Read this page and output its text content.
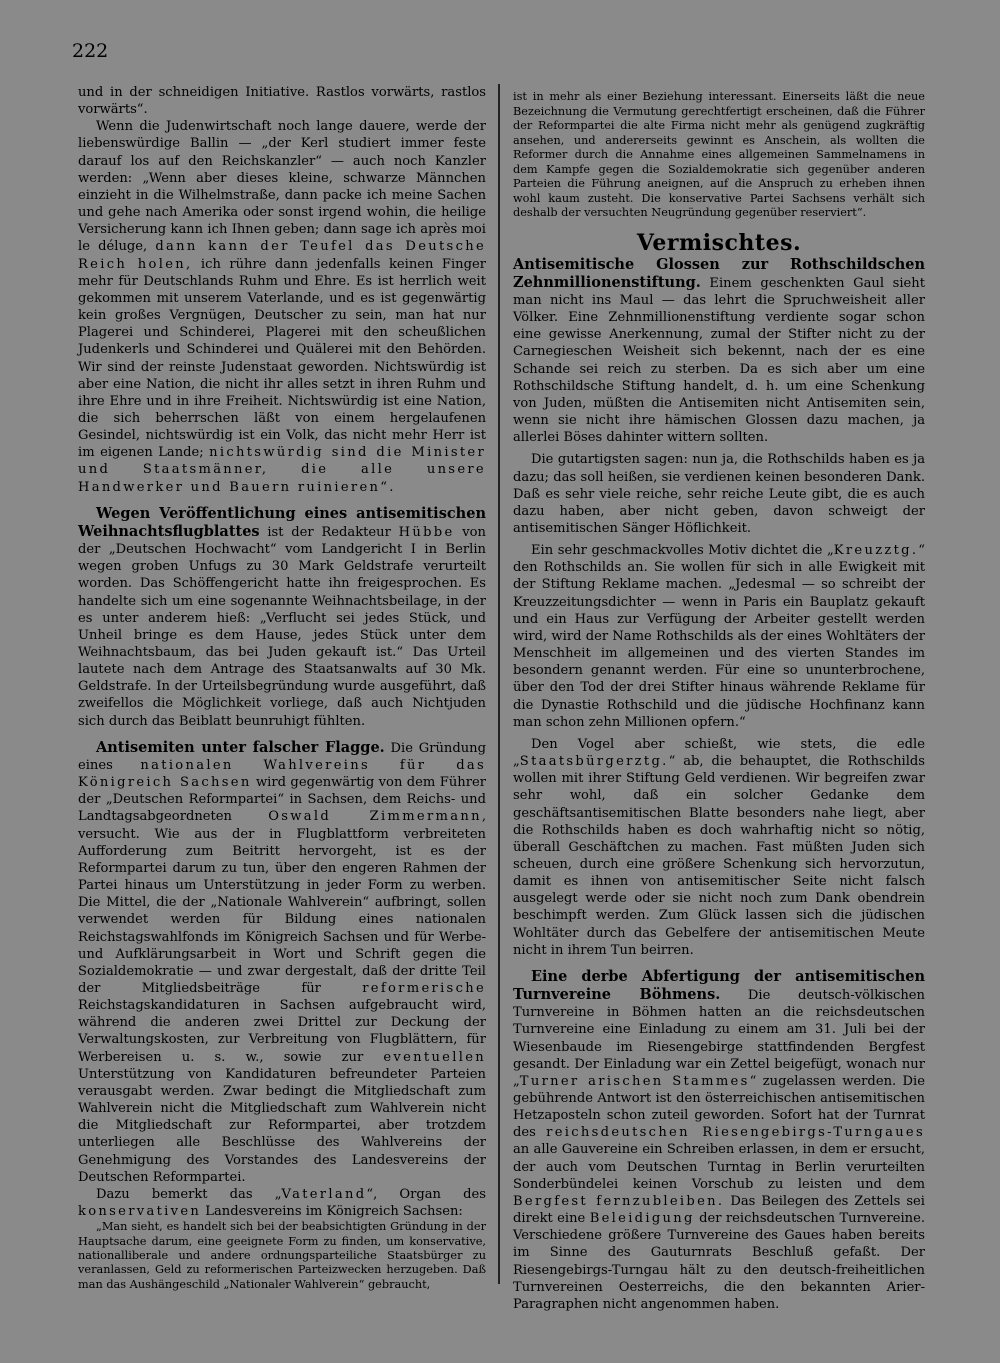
222

und in der schneidigen Initiative. Rastlos vorwärts, rastlos vorwärts“.

Wenn die Judenwirtschaft noch lange dauere, werde der liebenswürdige Ballin — „der Kerl studiert immer feste darauf los auf den Reichskanzler“ — auch noch Kanzler werden: „Wenn aber dieses kleine, schwarze Männchen einzieht in die Wilhelmstraße, dann packe ich meine Sachen und gehe nach Amerika oder sonst irgend wohin, die heilige Versicherung kann ich Ihnen geben; dann sage ich après moi le déluge, dann kann der Teufel das Deutsche Reich holen, ich rühre dann jedenfalls keinen Finger mehr für Deutschlands Ruhm und Ehre. Es ist herrlich weit gekommen mit unserem Vaterlande, und es ist gegenwärtig kein großes Vergnügen, Deutscher zu sein, man hat nur Plagerei und Schinderei, Plagerei mit den scheußlichen Judenkerls und Schinderei und Quälerei mit den Behörden. Wir sind der reinste Judenstaat geworden. Nichtswürdig ist aber eine Nation, die nicht ihr alles setzt in ihren Ruhm und ihre Ehre und in ihre Freiheit. Nichtswürdig ist eine Nation, die sich beherrschen läßt von einem hergelaufenen Gesindel, nichtswürdig ist ein Volk, das nicht mehr Herr ist im eigenen Lande; nichtswürdig sind die Minister und Staatsmänner, die alle unsere Handwerker und Bauern ruinieren“.

Wegen Veröffentlichung eines antisemitischen Weihnachtsflugblattes ist der Redakteur Hübbe von der „Deutschen Hochwacht“ vom Landgericht I in Berlin wegen groben Unfugs zu 30 Mark Geldstrafe verurteilt worden. Das Schöffengericht hatte ihn freigesprochen. Es handelte sich um eine sogenannte Weihnachtsbeilage, in der es unter anderem hieß: „Verflucht sei jedes Stück, und Unheil bringe es dem Hause, jedes Stück unter dem Weihnachtsbaum, das bei Juden gekauft ist.“ Das Urteil lautete nach dem Antrage des Staatsanwalts auf 30 Mk. Geldstrafe. In der Urteilsbegründung wurde ausgeführt, daß zweifellos die Möglichkeit vorliege, daß auch Nichtjuden sich durch das Beiblatt beunruhigt fühlten.

Antisemiten unter falscher Flagge. Die Gründung eines nationalen Wahlvereins für das Königreich Sachsen wird gegenwärtig von dem Führer der „Deutschen Reformpartei“ in Sachsen, dem Reichs- und Landtagsabgeordneten Oswald Zimmermann, versucht. Wie aus der in Flugblattform verbreiteten Aufforderung zum Beitritt hervorgeht, ist es der Reformpartei darum zu tun, über den engeren Rahmen der Partei hinaus um Unterstützung in jeder Form zu werben. Die Mittel, die der „Nationale Wahlverein“ aufbringt, sollen verwendet werden für Bildung eines nationalen Reichstagswahlfonds im Königreich Sachsen und für Werbe- und Aufklärungsarbeit in Wort und Schrift gegen die Sozialdemokratie — und zwar dergestalt, daß der dritte Teil der Mitgliedsbeiträge für reformerische Reichstagskandidaturen in Sachsen aufgebraucht wird, während die anderen zwei Drittel zur Deckung der Verwaltungskosten, zur Verbreitung von Flugblättern, für Werbereisen u. s. w., sowie zur eventuellen Unterstützung von Kandidaturen befreundeter Parteien verausgabt werden. Zwar bedingt die Mitgliedschaft zum Wahlverein nicht die Mitgliedschaft zum Wahlverein nicht die Mitgliedschaft zur Reformpartei, aber trotzdem unterliegen alle Beschlüsse des Wahlvereins der Genehmigung des Vorstandes des Landesvereins der Deutschen Reformpartei.

Dazu bemerkt das „Vaterland“, Organ des konservativen Landesvereins im Königreich Sachsen:

„Man sieht, es handelt sich bei der beabsichtigten Gründung in der Hauptsache darum, eine geeignete Form zu finden, um konservative, nationalliberale und andere ordnungsparteiliche Staatsbürger zu veranlassen, Geld zu reformerischen Parteizwecken herzugeben. Daß man das Aushängeschild „Nationaler Wahlverein“ gebraucht,

ist in mehr als einer Beziehung interessant. Einerseits läßt die neue Bezeichnung die Vermutung gerechtfertigt erscheinen, daß die Führer der Reformpartei die alte Firma nicht mehr als genügend zugkräftig ansehen, und andererseits gewinnt es Anschein, als wollten die Reformer durch die Annahme eines allgemeinen Sammelnamens in dem Kampfe gegen die Sozialdemokratie sich gegenüber anderen Parteien die Führung aneignen, auf die Anspruch zu erheben ihnen wohl kaum zusteht. Die konservative Partei Sachsens verhält sich deshalb der versuchten Neugründung gegenüber reserviert“.

Vermischtes.

Antisemitische Glossen zur Rothschildschen Zehnmillionenstiftung. Einem geschenkten Gaul sieht man nicht ins Maul — das lehrt die Spruchweisheit aller Völker. Eine Zehnmillionenstiftung verdiente sogar schon eine gewisse Anerkennung, zumal der Stifter nicht zu der Carnegieschen Weisheit sich bekennt, nach der es eine Schande sei reich zu sterben. Da es sich aber um eine Rothschildsche Stiftung handelt, d. h. um eine Schenkung von Juden, müßten die Antisemiten nicht Antisemiten sein, wenn sie nicht ihre hämischen Glossen dazu machen, ja allerlei Böses dahinter wittern sollten.

Die gutartigsten sagen: nun ja, die Rothschilds haben es ja dazu; das soll heißen, sie verdienen keinen besonderen Dank. Daß es sehr viele reiche, sehr reiche Leute gibt, die es auch dazu haben, aber nicht geben, davon schweigt der antisemitischen Sänger Höflichkeit.

Ein sehr geschmackvolles Motiv dichtet die „Kreuzztg.“ den Rothschilds an. Sie wollen für sich in alle Ewigkeit mit der Stiftung Reklame machen. „Jedesmal — so schreibt der Kreuzzeitungsdichter — wenn in Paris ein Bauplatz gekauft und ein Haus zur Verfügung der Arbeiter gestellt werden wird, wird der Name Rothschilds als der eines Wohltäters der Menschheit im allgemeinen und des vierten Standes im besondern genannt werden. Für eine so ununterbrochene, über den Tod der drei Stifter hinaus währende Reklame für die Dynastie Rothschild und die jüdische Hochfinanz kann man schon zehn Millionen opfern.“

Den Vogel aber schießt, wie stets, die edle „Staatsbürgerztg.“ ab, die behauptet, die Rothschilds wollen mit ihrer Stiftung Geld verdienen. Wir begreifen zwar sehr wohl, daß ein solcher Gedanke dem geschäftsantisemitischen Blatte besonders nahe liegt, aber die Rothschilds haben es doch wahrhaftig nicht so nötig, überall Geschäftchen zu machen. Fast müßten Juden sich scheuen, durch eine größere Schenkung sich hervorzutun, damit es ihnen von antisemitischer Seite nicht falsch ausgelegt werde oder sie nicht noch zum Dank obendrein beschimpft werden. Zum Glück lassen sich die jüdischen Wohltäter durch das Gebelfere der antisemitischen Meute nicht in ihrem Tun beirren.

Eine derbe Abfertigung der antisemitischen Turnvereine Böhmens. Die deutsch-völkischen Turnvereine in Böhmen hatten an die reichsdeutschen Turnvereine eine Einladung zu einem am 31. Juli bei der Wiesenbaude im Riesengebirge stattfindenden Bergfest gesandt. Der Einladung war ein Zettel beigefügt, wonach nur „Turner arischen Stammes“ zugelassen werden. Die gebührende Antwort ist den österreichischen antisemitischen Hetzaposteln schon zuteil geworden. Sofort hat der Turnrat des reichsdeutschen Riesengebirgs-Turngaues an alle Gauvereine ein Schreiben erlassen, in dem er ersucht, der auch vom Deutschen Turntag in Berlin verurteilten Sonderbündelei keinen Vorschub zu leisten und dem Bergfest fernzubleiben. Das Beilegen des Zettels sei direkt eine Beleidigung der reichsdeutschen Turnvereine. Verschiedene größere Turnvereine des Gaues haben bereits im Sinne des Gauturnrats Beschluß gefaßt. Der Riesengebirgs-Turngau hält zu den deutsch-freiheitlichen Turnvereinen Oesterreichs, die den bekannten Arier-Paragraphen nicht angenommen haben.
